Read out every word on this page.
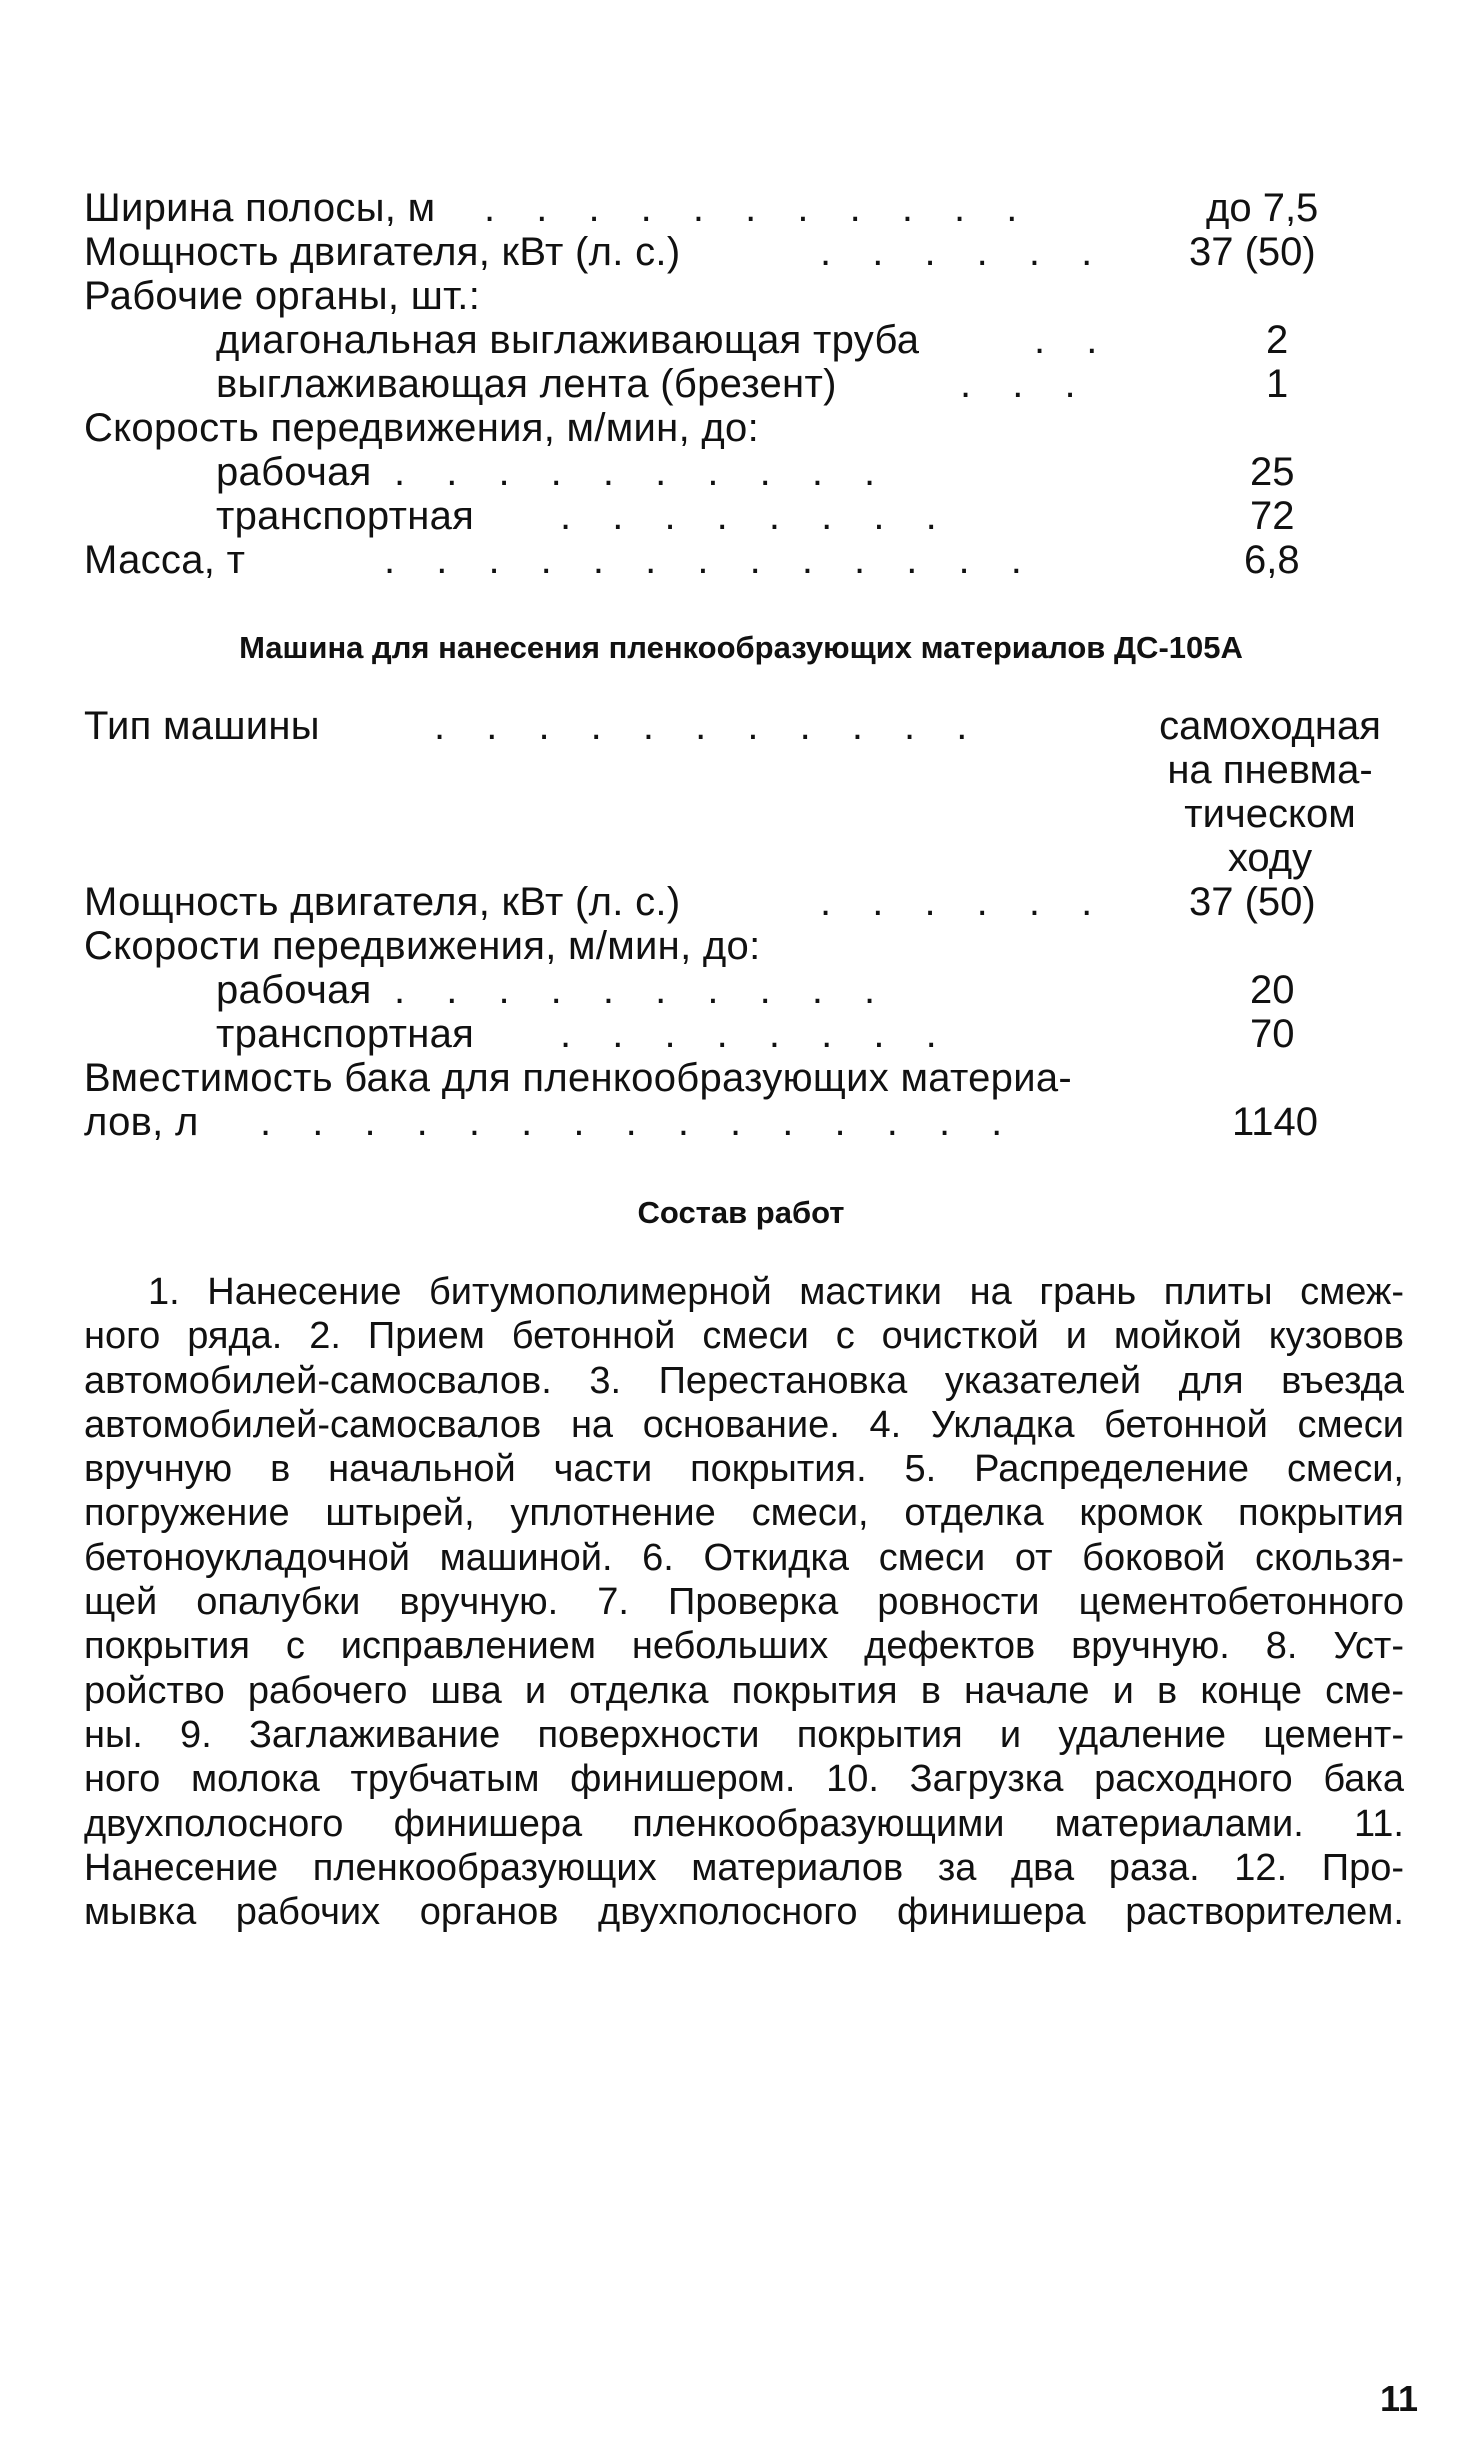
Ширина полосы, м . . . . . . . . . . .	до 7,5
Мощность двигателя, кВт (л. с.)	. . . . . . 37 (50)
Рабочие органы, шт.:
диагональная выглаживающая труба	. .	2
выглаживающая лента (брезент)	. . .	1
Скорость передвижения, м/мин, до:
рабочая . . . . . . . . . .	25
транспортная . . . . . . . .	72
Масса, т	. . . . . . . . . . . . .	6,8
Машина для нанесения пленкообразующих материалов ДС-105А
Тип машины	. . . . . . . . . . .	самоходная
на пневма-
тическом
ходу
Мощность двигателя, кВт (л. с.)	. . . . . . 37 (50)
Скорости передвижения, м/мин, до:
рабочая . . . . . . . . . .	20
транспортная . . . . . . . .	70
Вместимость бака для пленкообразующих материа-
лов, л . . . . . . . . . . . . . . .	1140
Состав работ
1. Нанесение битумополимерной мастики на грань плиты смеж-
ного ряда. 2. Прием бетонной смеси с очисткой и мойкой кузовов
автомобилей-самосвалов. 3. Перестановка указателей для въезда
автомобилей-самосвалов на основание. 4. Укладка бетонной смеси
вручную в начальной части покрытия. 5. Распределение смеси,
погружение штырей, уплотнение смеси, отделка кромок покрытия
бетоноукладочной машиной. 6. Откидка смеси от боковой скользя-
щей опалубки вручную. 7. Проверка ровности цементобетонного
покрытия с исправлением небольших дефектов вручную. 8. Уст-
ройство рабочего шва и отделка покрытия в начале и в конце сме-
ны. 9. Заглаживание поверхности покрытия и удаление цемент-
ного молока трубчатым финишером. 10. Загрузка расходного бака
двухполосного финишера пленкообразующими материалами. 11.
Нанесение пленкообразующих материалов за два раза. 12. Про-
мывка рабочих органов двухполосного финишера растворителем.
11
